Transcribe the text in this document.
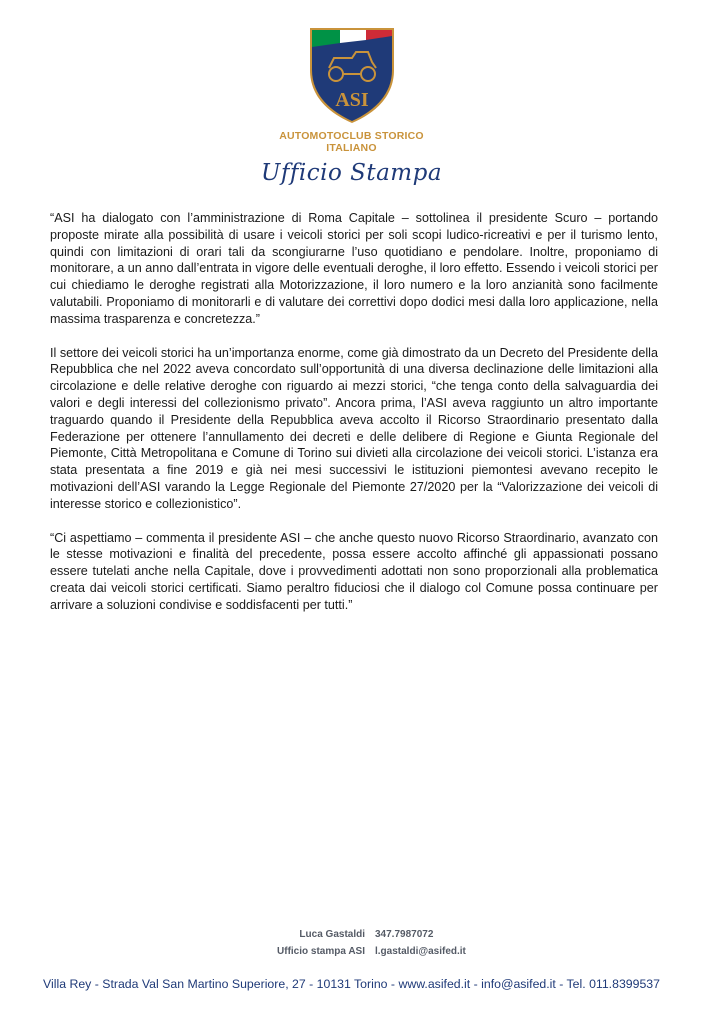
ASI
AUTOMOTOCLUB STORICO
ITALIANO
Ufficio Stampa

“ASI ha dialogato con l’amministrazione di Roma Capitale – sottolinea il presidente Scuro – portando proposte mirate alla possibilità di usare i veicoli storici per soli scopi ludico-ricreativi e per il turismo lento, quindi con limitazioni di orari tali da scongiurarne l’uso quotidiano e pendolare. Inoltre, proponiamo di monitorare, a un anno dall’entrata in vigore delle eventuali deroghe, il loro effetto. Essendo i veicoli storici per cui chiediamo le deroghe registrati alla Motorizzazione, il loro numero e la loro anzianità sono facilmente valutabili. Proponiamo di monitorarli e di valutare dei correttivi dopo dodici mesi dalla loro applicazione, nella massima trasparenza e concretezza.”

Il settore dei veicoli storici ha un’importanza enorme, come già dimostrato da un Decreto del Presidente della Repubblica che nel 2022 aveva concordato sull’opportunità di una diversa declinazione delle limitazioni alla circolazione e delle relative deroghe con riguardo ai mezzi storici, “che tenga conto della salvaguardia dei valori e degli interessi del collezionismo privato”. Ancora prima, l’ASI aveva raggiunto un altro importante traguardo quando il Presidente della Repubblica aveva accolto il Ricorso Straordinario presentato dalla Federazione per ottenere l’annullamento dei decreti e delle delibere di Regione e Giunta Regionale del Piemonte, Città Metropolitana e Comune di Torino sui divieti alla circolazione dei veicoli storici. L’istanza era stata presentata a fine 2019 e già nei mesi successivi le istituzioni piemontesi avevano recepito le motivazioni dell’ASI varando la Legge Regionale del Piemonte 27/2020 per la “Valorizzazione dei veicoli di interesse storico e collezionistico”.

“Ci aspettiamo – commenta il presidente ASI – che anche questo nuovo Ricorso Straordinario, avanzato con le stesse motivazioni e finalità del precedente, possa essere accolto affinché gli appassionati possano essere tutelati anche nella Capitale, dove i provvedimenti adottati non sono proporzionali alla problematica creata dai veicoli storici certificati. Siamo peraltro fiduciosi che il dialogo col Comune possa continuare per arrivare a soluzioni condivise e soddisfacenti per tutti.”

Luca Gastaldi	347.7987072
Ufficio stampa ASI	l.gastaldi@asifed.it
Villa Rey - Strada Val San Martino Superiore, 27 - 10131 Torino - www.asifed.it - info@asifed.it - Tel. 011.8399537
